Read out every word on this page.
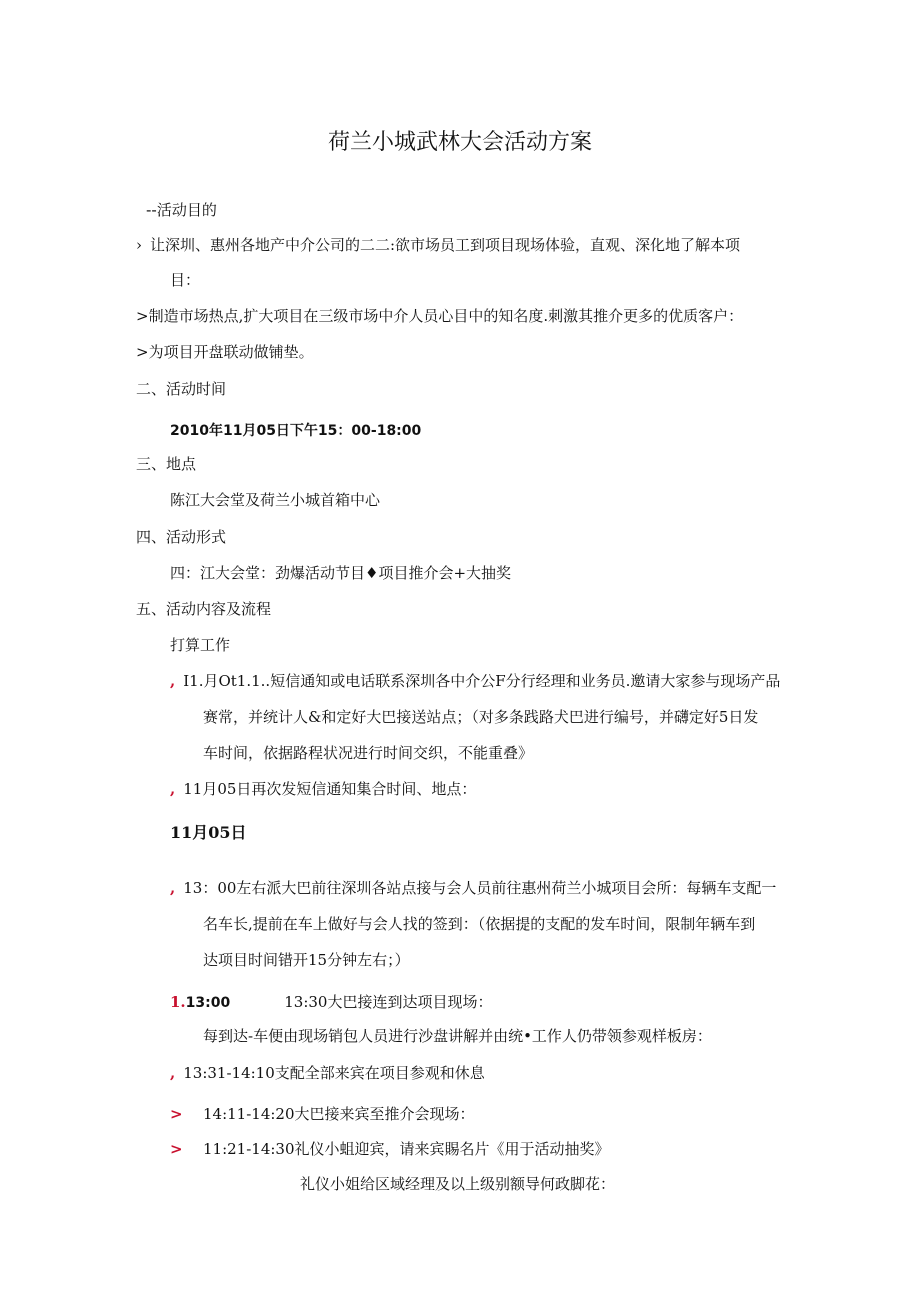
荷兰小城武林大会活动方案
--活动目的
› 让深圳、惠州各地产中介公司的二二:欲市场员工到项目现场体验，直观、深化地了解本项
目：
>制造市场热点,扩大项目在三级市场中介人员心目中的知名度.刺激其推介更多的优质客户：
>为项目开盘联动做铺垫。
二、活动时间
2010年11月05日下午15：00-18:00
三、地点
陈江大会堂及荷兰小城首箱中心
四、活动形式
四：江大会堂：劲爆活动节目♦项目推介会+大抽奖
五、活动内容及流程
打算工作
, I1.月Ot1.1..短信通知或电话联系深圳各中介公F分行经理和业务员.邀请大家参与现场产品
赛常，并统计人&和定好大巴接送站点；（对多条践路犬巴进行编号，并礴定好5日发
车时间，依据路程状况进行时间交织，不能重叠》
, 11月05日再次发短信通知集合时间、地点：
11月05日
, 13：00左右派大巴前往深圳各站点接与会人员前往惠州荷兰小城项目会所：每辆车支配一
名车长,提前在车上做好与会人找的签到：（依据提的支配的发车时间，限制年辆车到
达项目时间错开15分钟左右；）
1.13:00	13:30大巴接连到达项目现场：
每到达-车便由现场销包人员进行沙盘讲解并由统•工作人仍带领参观样板房：
, 13:31-14:10支配全部来宾在项目参观和休息
> 14:11-14:20大巴接来宾至推介会现场：
> 11:21-14:30礼仪小蛆迎宾，请来宾賜名片《用于活动抽奖》
礼仪小姐给区域经理及以上级别额导何政脚花：
